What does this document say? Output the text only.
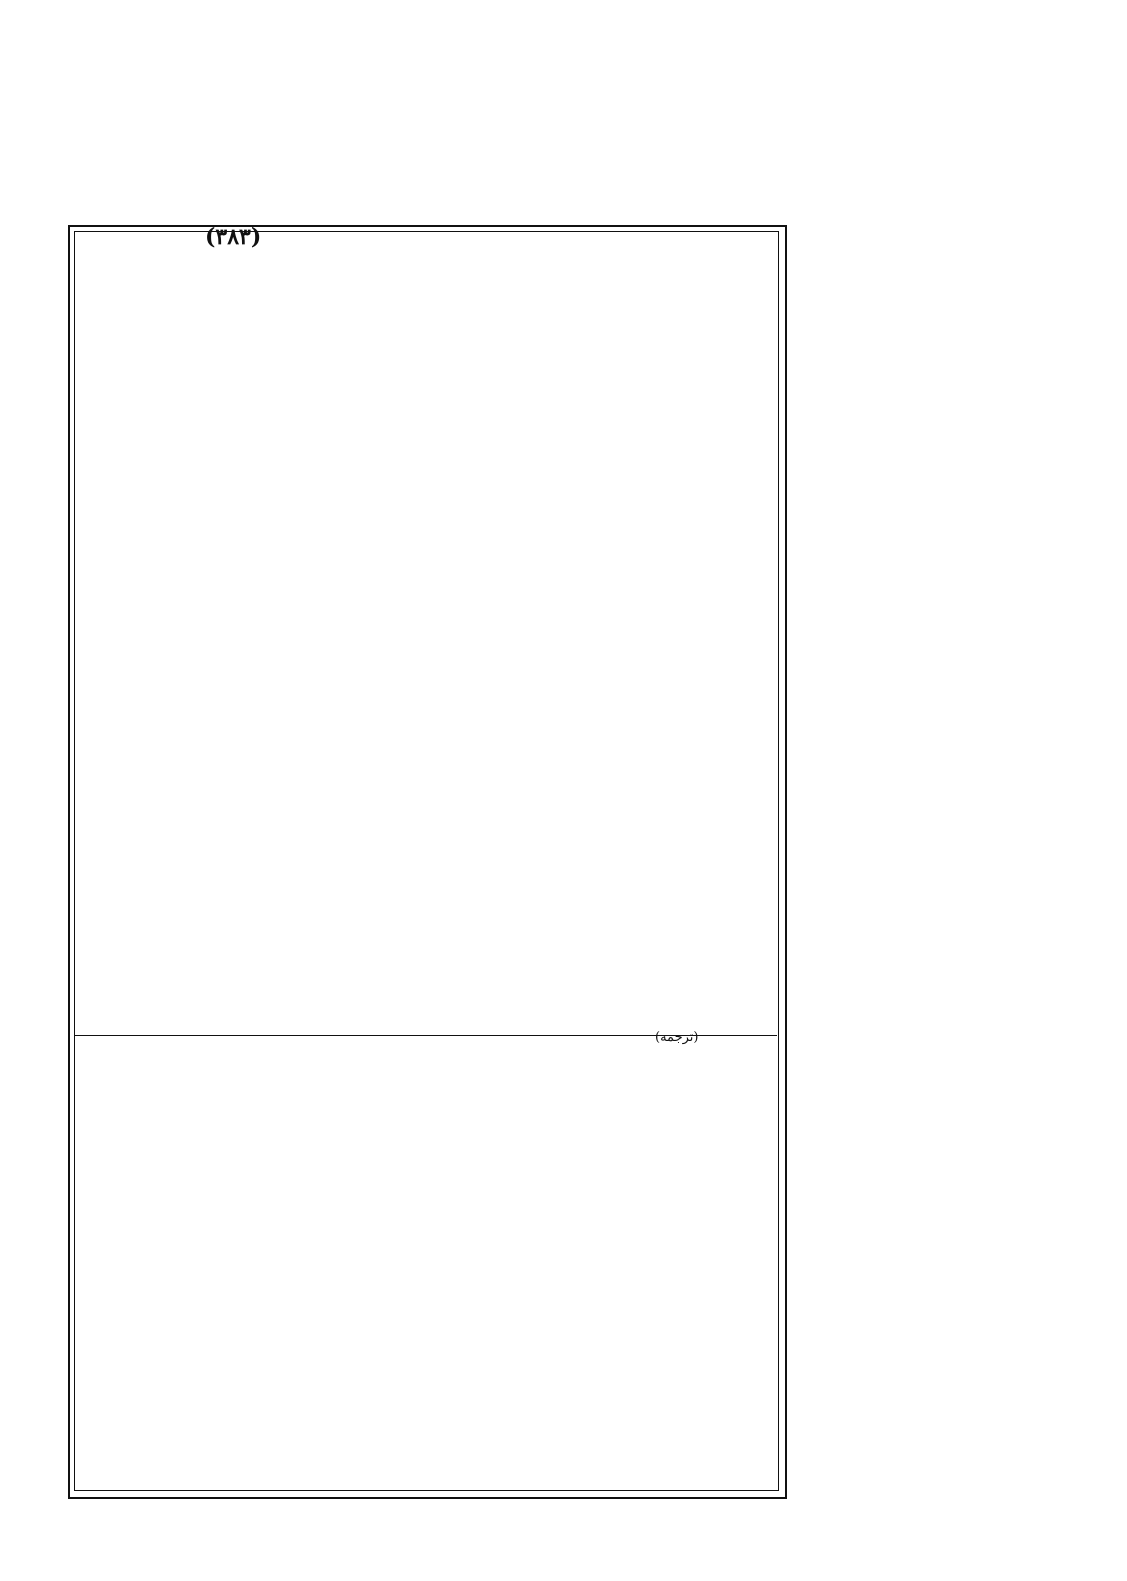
(٣٨٣)
(ترجمه)
